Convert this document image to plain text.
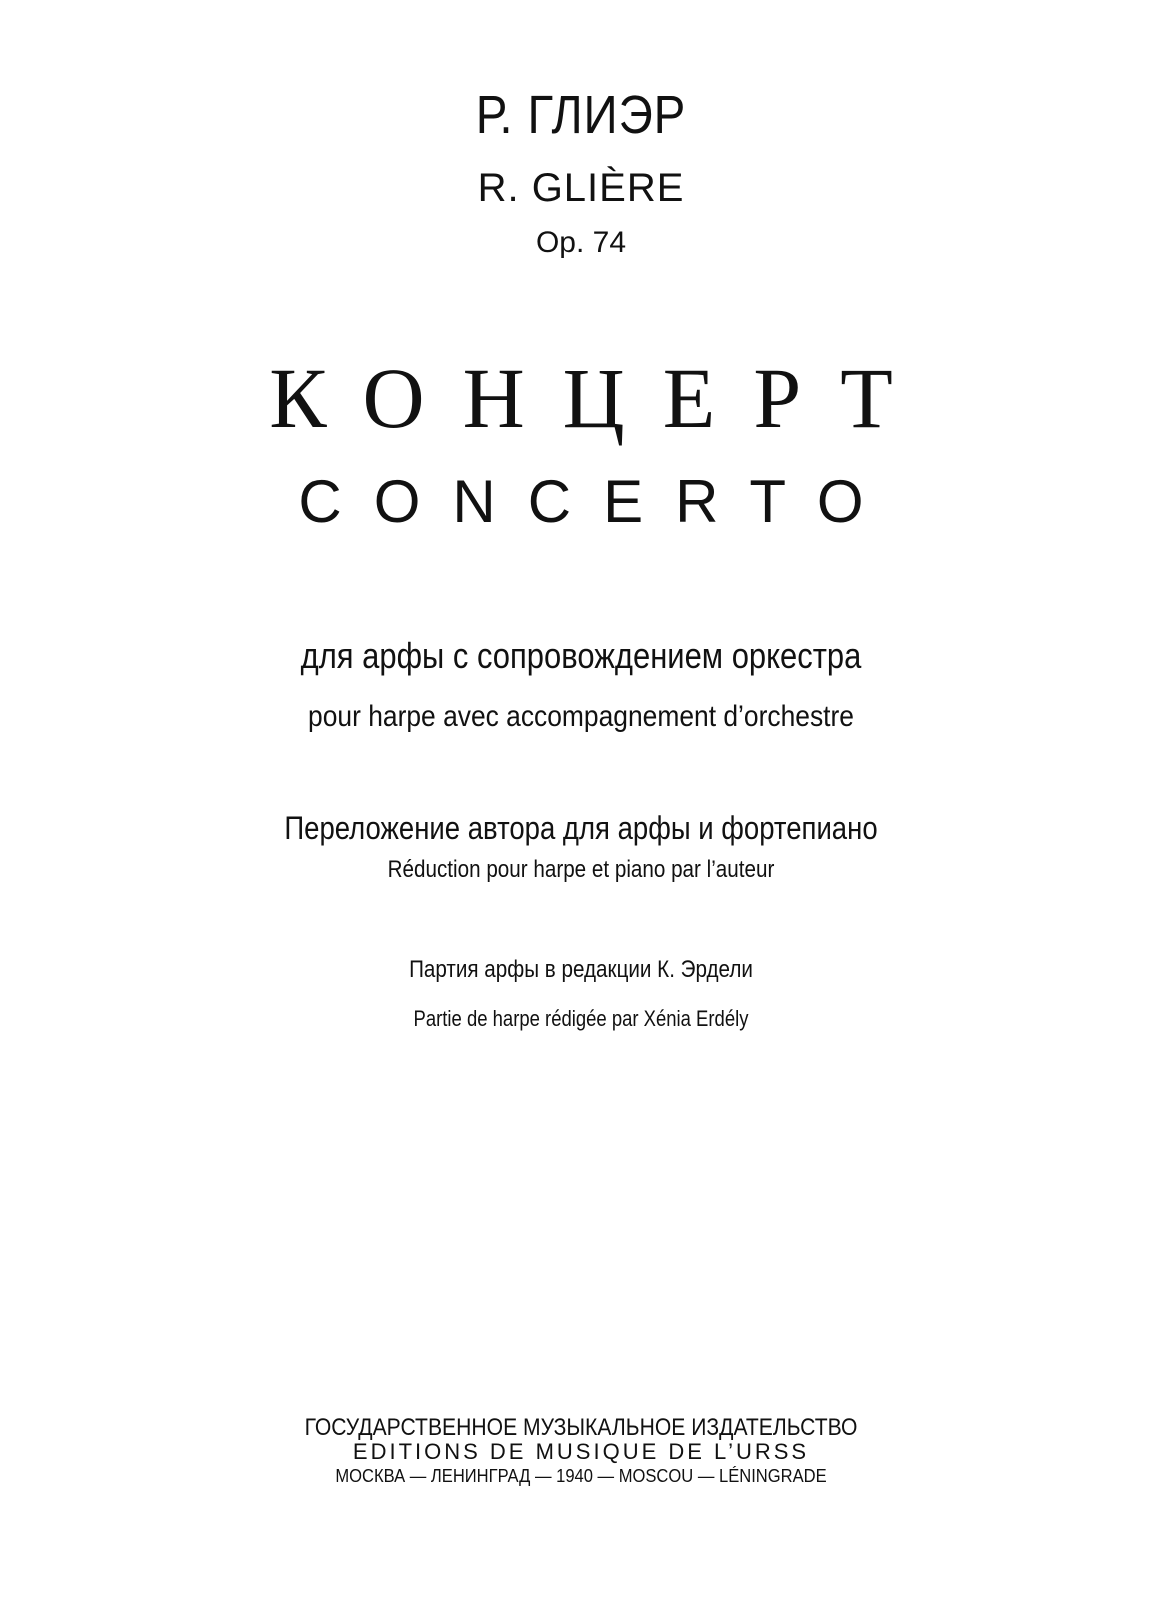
Р. ГЛИЭР
R. GLIÈRE
Op. 74
КОНЦЕРТ
CONCERTO
для арфы с сопровождением оркестра
pour harpe avec accompagnement d’orchestre
Переложение автора для арфы и фортепиано
Réduction pour harpe et piano par l’auteur
Партия арфы в редакции К. Эрдели
Partie de harpe rédigée par Xénia Erdély
ГОСУДАРСТВЕННОЕ МУЗЫКАЛЬНОЕ ИЗДАТЕЛЬСТВО
EDITIONS DE MUSIQUE DE L’URSS
МОСКВА — ЛЕНИНГРАД — 1940 — MOSCOU — LÉNINGRADE
